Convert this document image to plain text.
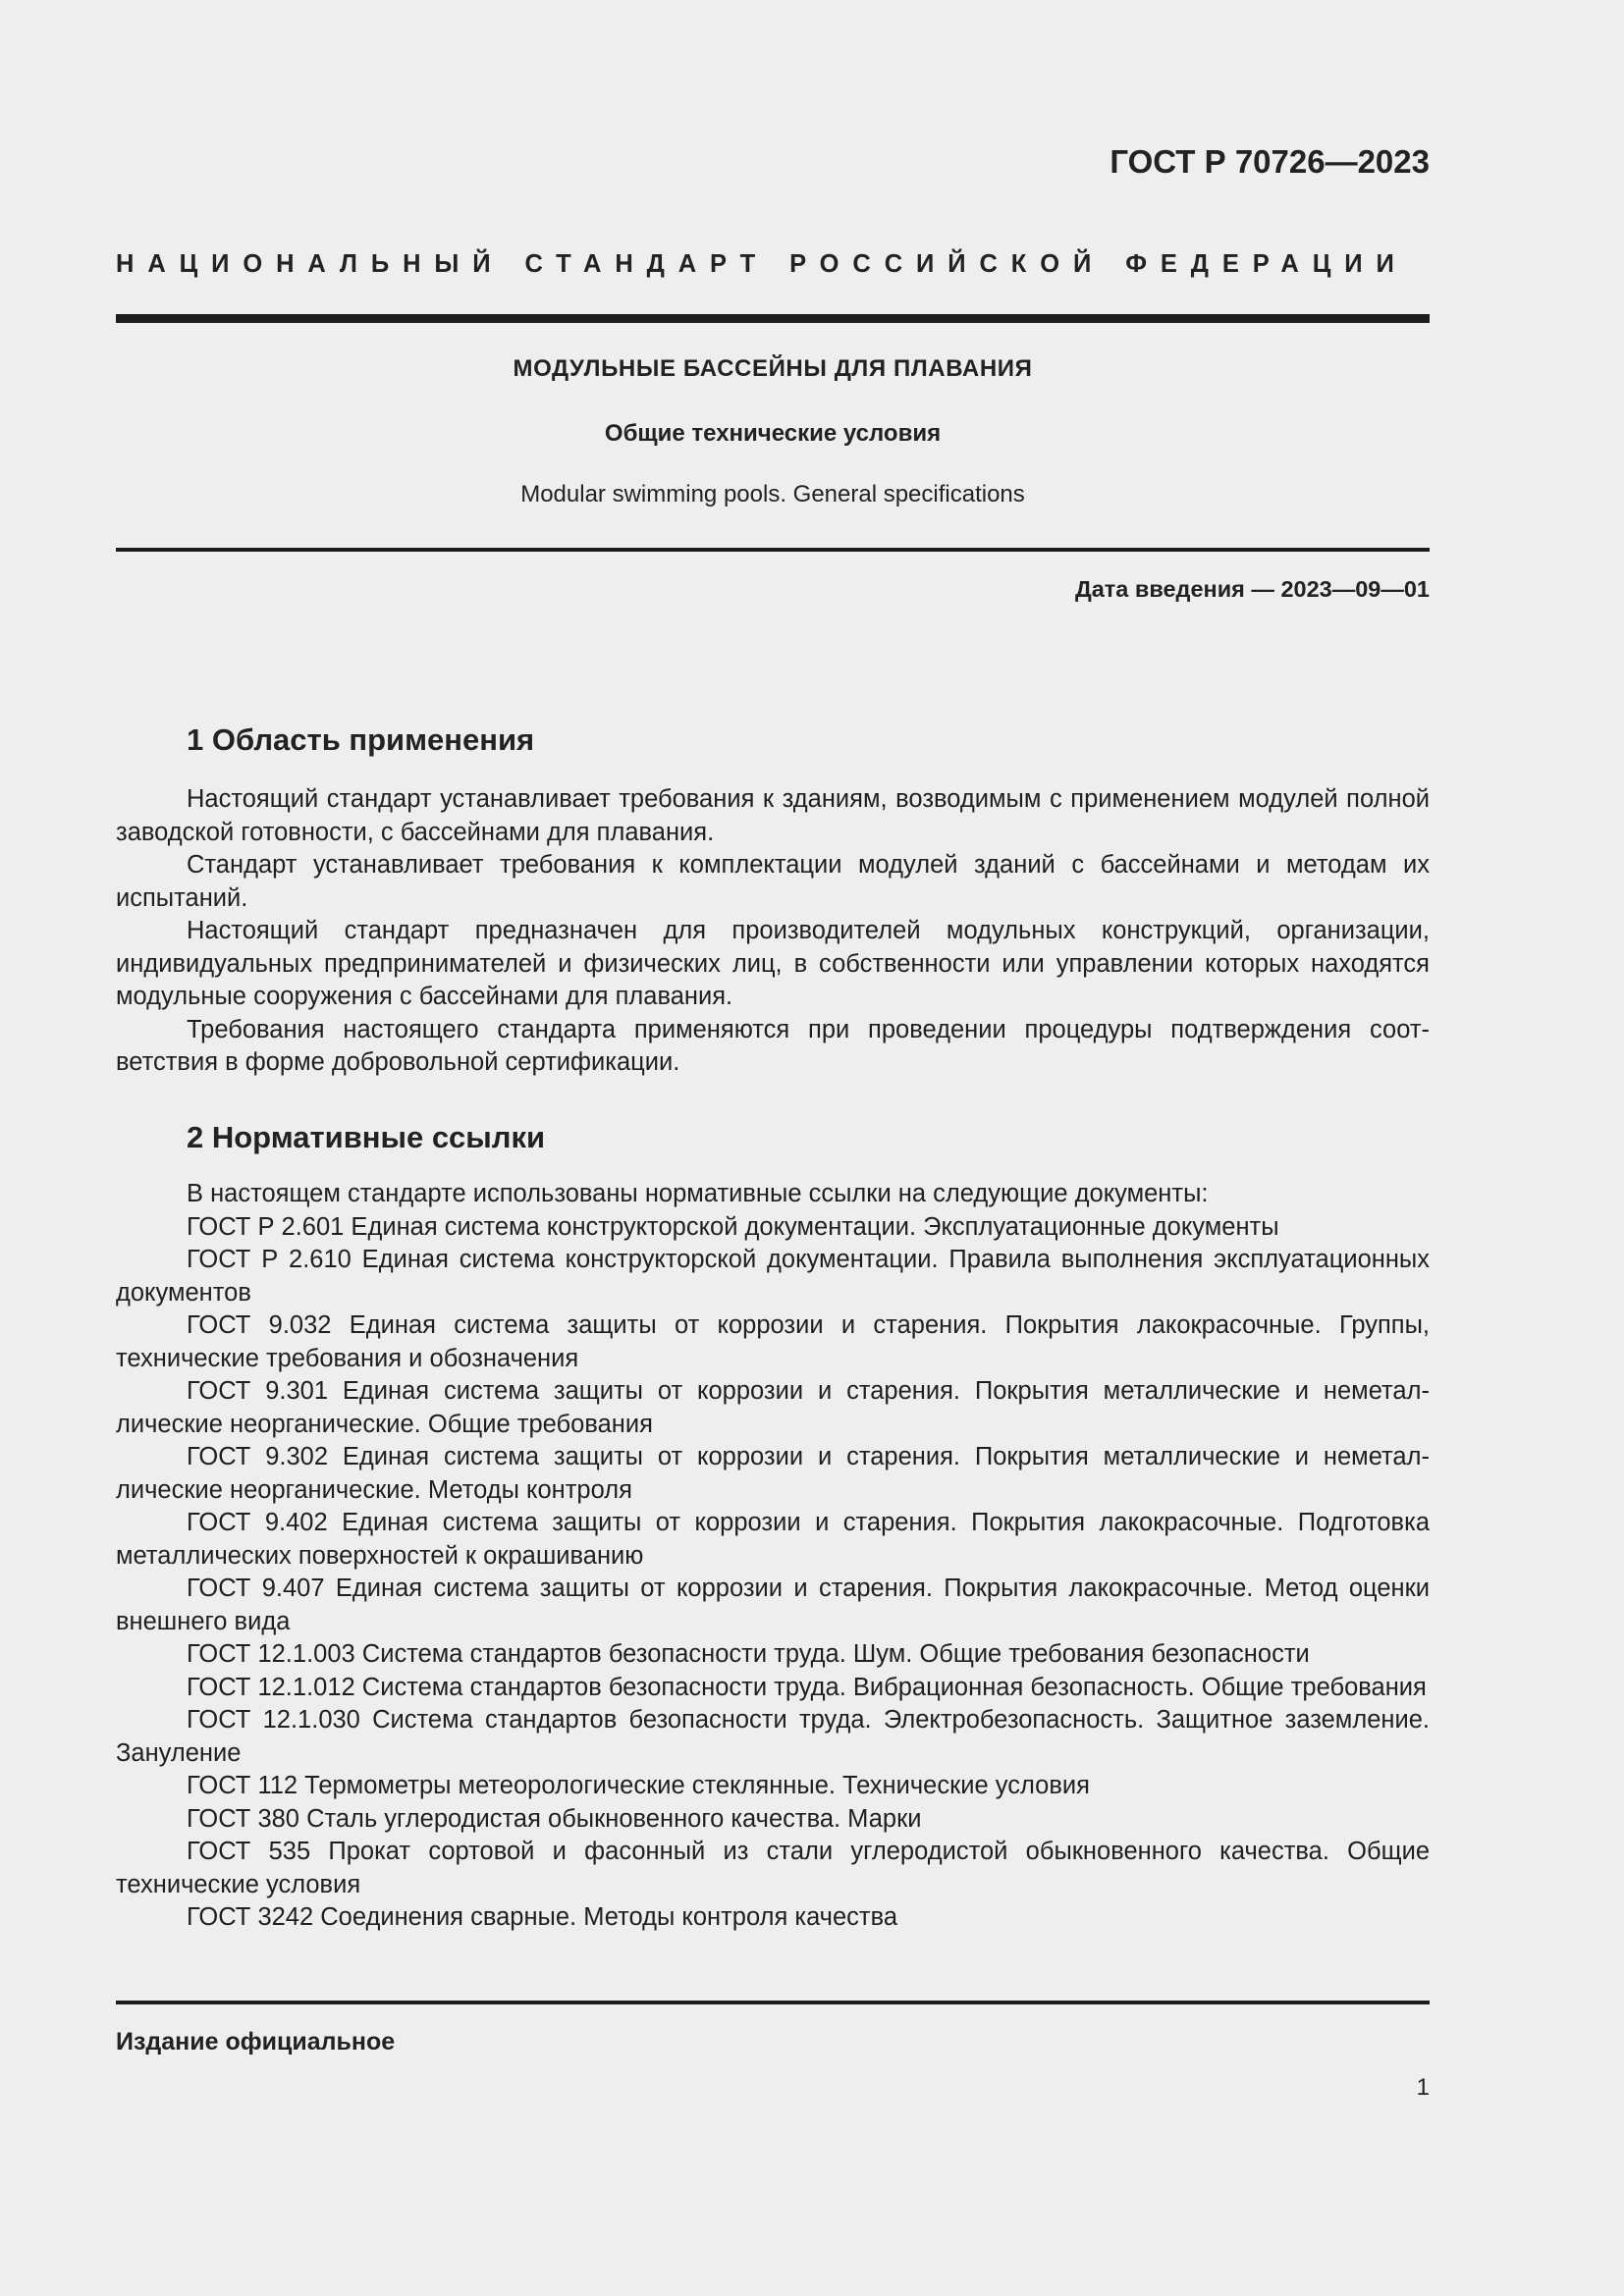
ГОСТ Р 70726—2023
НАЦИОНАЛЬНЫЙ СТАНДАРТ РОССИЙСКОЙ ФЕДЕРАЦИИ
МОДУЛЬНЫЕ БАССЕЙНЫ ДЛЯ ПЛАВАНИЯ
Общие технические условия
Modular swimming pools. General specifications
Дата введения — 2023—09—01
1 Область применения

Настоящий стандарт устанавливает требования к зданиям, возводимым с применением модулей полной заводской готовности, с бассейнами для плавания.

Стандарт устанавливает требования к комплектации модулей зданий с бассейнами и методам их испытаний.

Настоящий стандарт предназначен для производителей модульных конструкций, организации, индивидуальных предпринимателей и физических лиц, в собственности или управлении которых находятся модульные сооружения с бассейнами для плавания.

Требования настоящего стандарта применяются при проведении процедуры подтверждения соответствия в форме добровольной сертификации.

2 Нормативные ссылки

В настоящем стандарте использованы нормативные ссылки на следующие документы:

ГОСТ Р 2.601 Единая система конструкторской документации. Эксплуатационные документы

ГОСТ Р 2.610 Единая система конструкторской документации. Правила выполнения эксплуатационных документов

ГОСТ 9.032 Единая система защиты от коррозии и старения. Покрытия лакокрасочные. Группы, технические требования и обозначения

ГОСТ 9.301 Единая система защиты от коррозии и старения. Покрытия металлические и неметаллические неорганические. Общие требования

ГОСТ 9.302 Единая система защиты от коррозии и старения. Покрытия металлические и неметаллические неорганические. Методы контроля

ГОСТ 9.402 Единая система защиты от коррозии и старения. Покрытия лакокрасочные. Подготовка металлических поверхностей к окрашиванию

ГОСТ 9.407 Единая система защиты от коррозии и старения. Покрытия лакокрасочные. Метод оценки внешнего вида

ГОСТ 12.1.003 Система стандартов безопасности труда. Шум. Общие требования безопасности

ГОСТ 12.1.012 Система стандартов безопасности труда. Вибрационная безопасность. Общие требования

ГОСТ 12.1.030 Система стандартов безопасности труда. Электробезопасность. Защитное заземление. Зануление

ГОСТ 112 Термометры метеорологические стеклянные. Технические условия

ГОСТ 380 Сталь углеродистая обыкновенного качества. Марки

ГОСТ 535 Прокат сортовой и фасонный из стали углеродистой обыкновенного качества. Общие технические условия

ГОСТ 3242 Соединения сварные. Методы контроля качества

Издание официальное
1
